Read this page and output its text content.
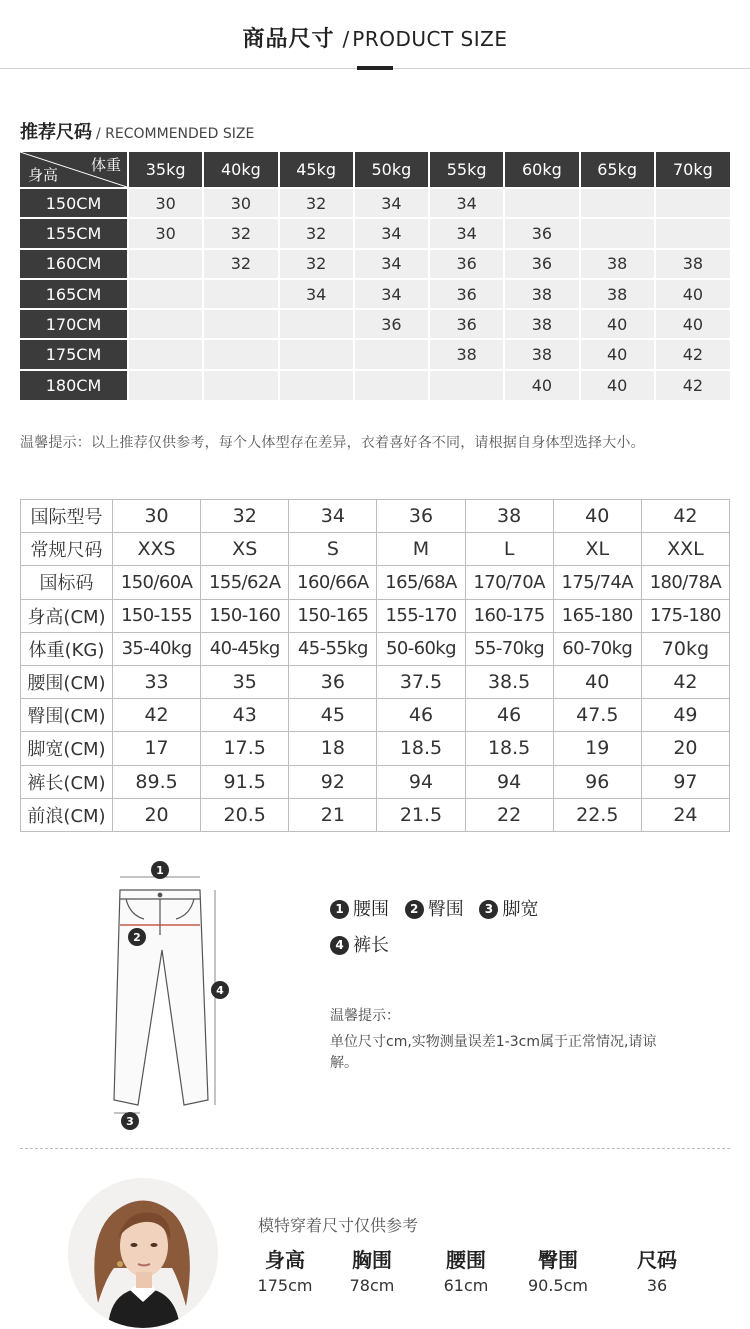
商品尺寸 / PRODUCT SIZE
推荐尺码 / RECOMMENDED SIZE
体重
身高	35kg	40kg	45kg	50kg	55kg	60kg	65kg	70kg
150CM	30	30	32	34	34			
155CM	30	32	32	34	34	36		
160CM		32	32	34	36	36	38	38
165CM			34	34	36	38	38	40
170CM				36	36	38	40	40
175CM					38	38	40	42
180CM						40	40	42
温馨提示：以上推荐仅供参考，每个人体型存在差异，衣着喜好各不同，请根据自身体型选择大小。
国际型号	30	32	34	36	38	40	42
常规尺码	XXS	XS	S	M	L	XL	XXL
国标码	150/60A	155/62A	160/66A	165/68A	170/70A	175/74A	180/78A
身高(CM)	150-155	150-160	150-165	155-170	160-175	165-180	175-180
体重(KG)	35-40kg	40-45kg	45-55kg	50-60kg	55-70kg	60-70kg	70kg
腰围(CM)	33	35	36	37.5	38.5	40	42
臀围(CM)	42	43	45	46	46	47.5	49
脚宽(CM)	17	17.5	18	18.5	18.5	19	20
裤长(CM)	89.5	91.5	92	94	94	96	97
前浪(CM)	20	20.5	21	21.5	22	22.5	24
1
2
3
4
1 腰围 2 臀围 3 脚宽
4 裤长
温馨提示：
单位尺寸cm,实物测量误差1-3cm属于正常情况,请谅解。
模特穿着尺寸仅供参考
身高
175cm
胸围
78cm
腰围
61cm
臀围
90.5cm
尺码
36
